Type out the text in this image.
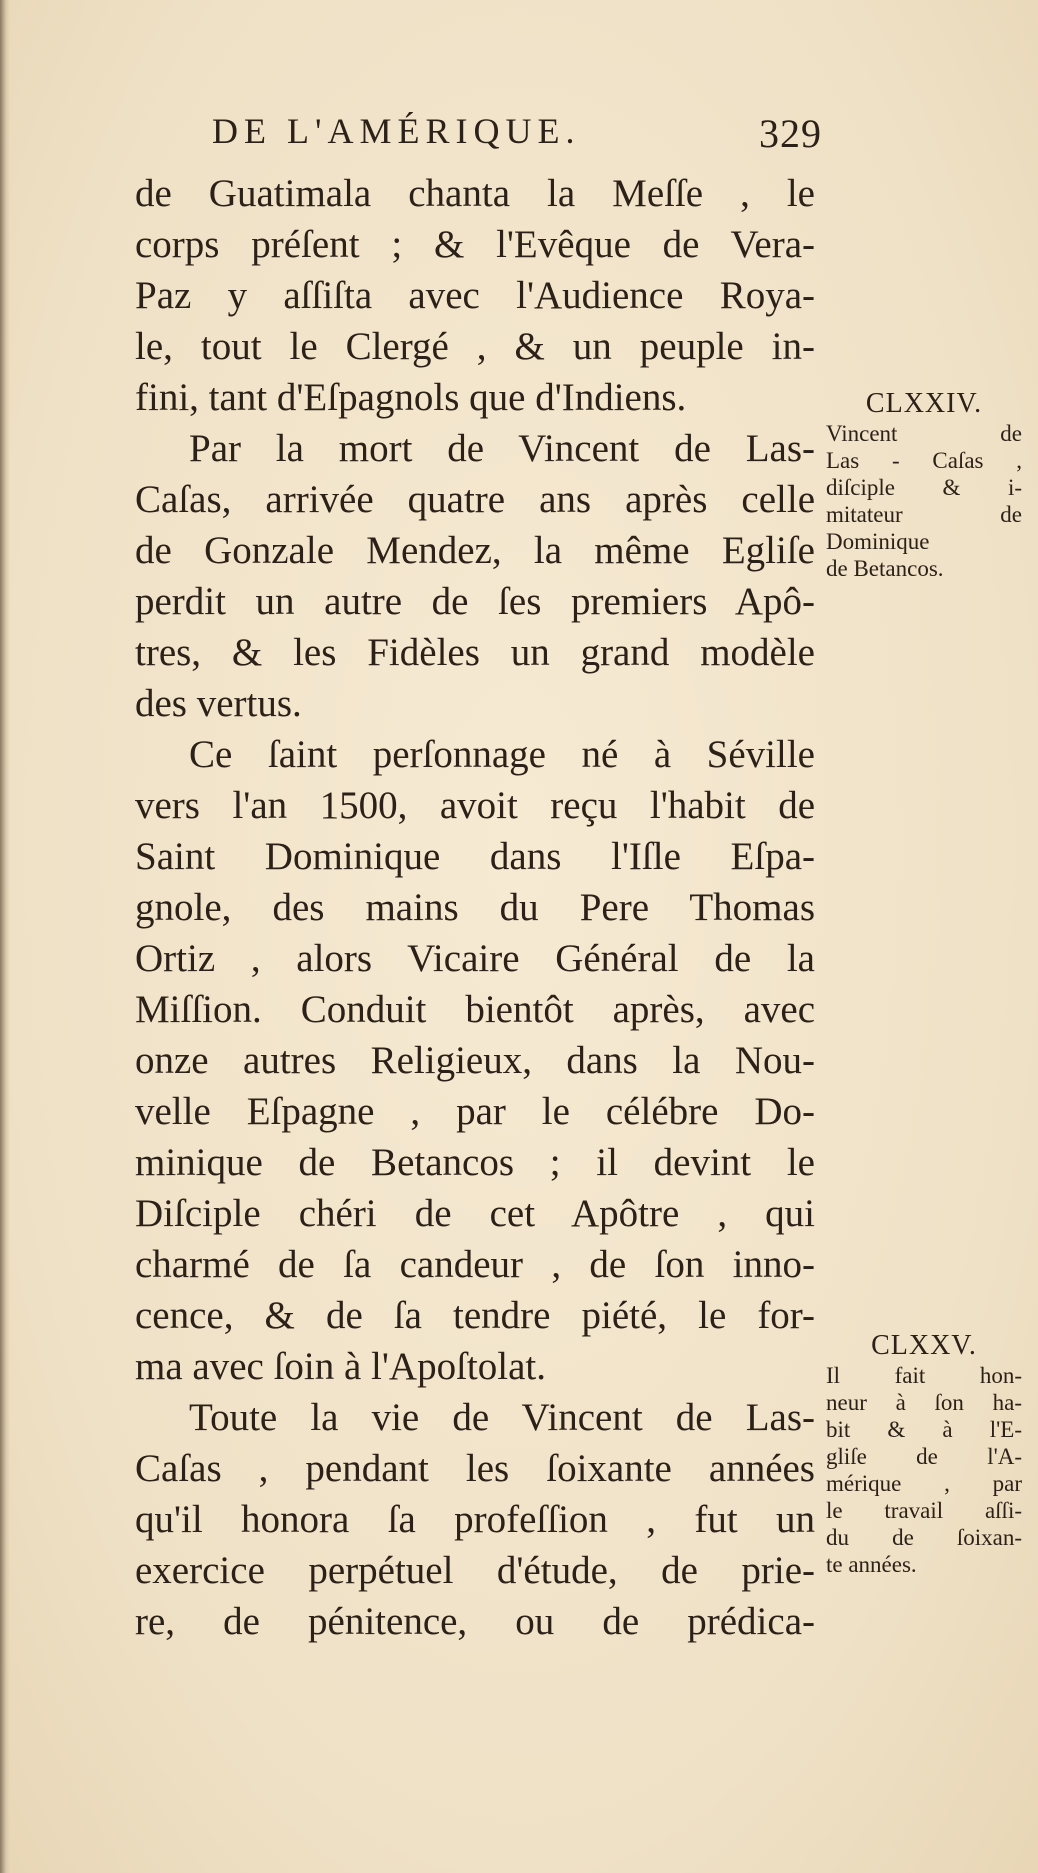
DE L'AMÉRIQUE.	329
de Guatimala chanta la Meſſe , le
corps préſent ; & l'Evêque de Vera-
Paz y aſſiſta avec l'Audience Roya-
le, tout le Clergé , & un peuple in-
fini, tant d'Eſpagnols que d'Indiens.
Par la mort de Vincent de Las-
Caſas, arrivée quatre ans après celle
de Gonzale Mendez, la même Egliſe
perdit un autre de ſes premiers Apô-
tres, & les Fidèles un grand modèle
des vertus.
Ce ſaint perſonnage né à Séville
vers l'an 1500, avoit reçu l'habit de
Saint Dominique dans l'Iſle Eſpa-
gnole, des mains du Pere Thomas
Ortiz , alors Vicaire Général de la
Miſſion. Conduit bientôt après, avec
onze autres Religieux, dans la Nou-
velle Eſpagne , par le célébre Do-
minique de Betancos ; il devint le
Diſciple chéri de cet Apôtre , qui
charmé de ſa candeur , de ſon inno-
cence, & de ſa tendre piété, le for-
ma avec ſoin à l'Apoſtolat.
Toute la vie de Vincent de Las-
Caſas , pendant les ſoixante années
qu'il honora ſa profeſſion , fut un
exercice perpétuel d'étude, de prie-
re, de pénitence, ou de prédica-
CLXXIV.
Vincent de
Las - Caſas ,
diſciple & i-
mitateur de
Dominique
de Betancos.
CLXXV.
Il fait hon-
neur à ſon ha-
bit & à l'E-
gliſe de l'A-
mérique , par
le travail aſſi-
du de ſoixan-
te années.
